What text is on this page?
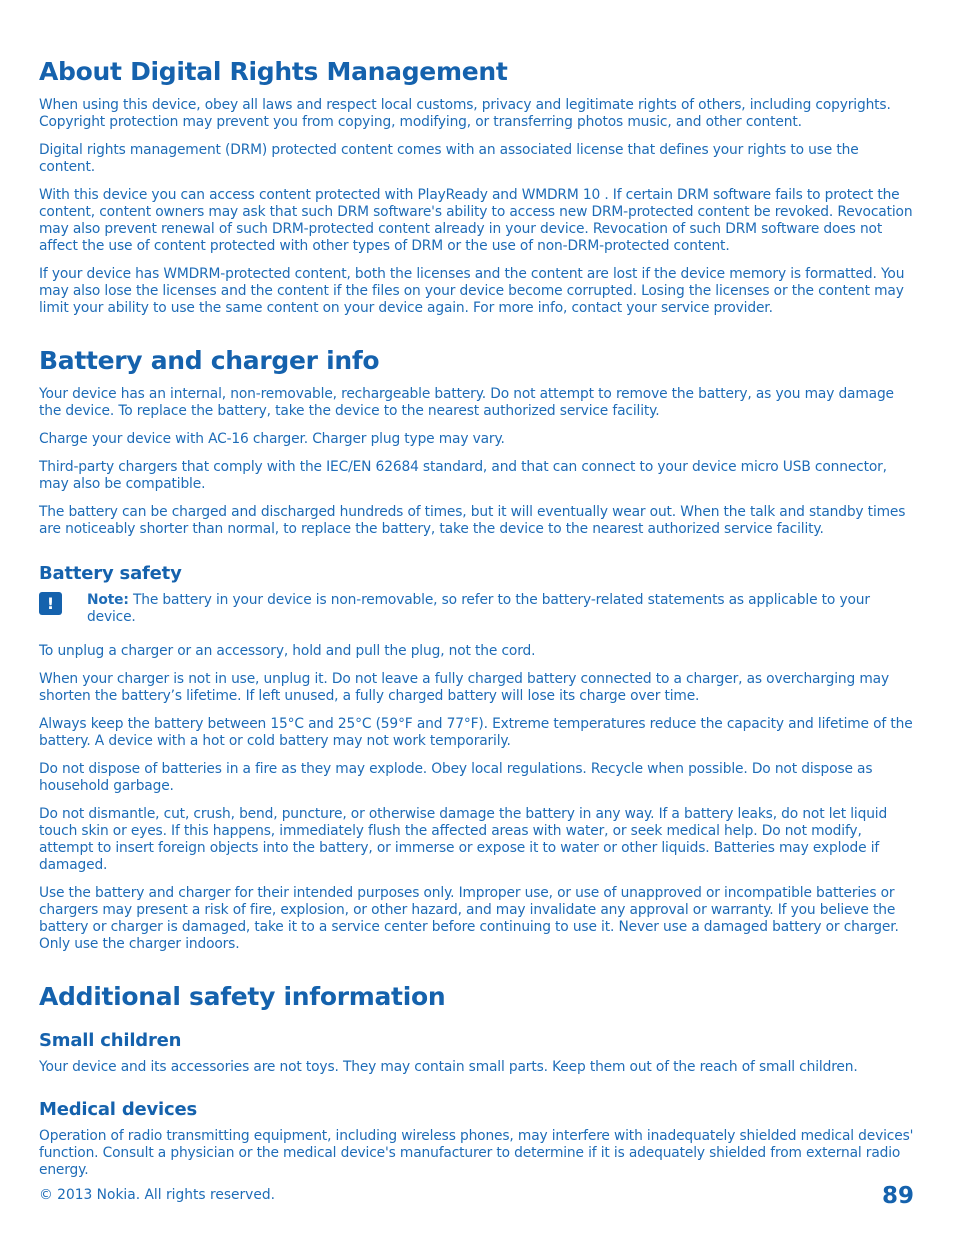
About Digital Rights Management

When using this device, obey all laws and respect local customs, privacy and legitimate rights of others, including copyrights. Copyright protection may prevent you from copying, modifying, or transferring photos music, and other content.

Digital rights management (DRM) protected content comes with an associated license that defines your rights to use the content.

With this device you can access content protected with PlayReady and WMDRM 10 . If certain DRM software fails to protect the content, content owners may ask that such DRM software's ability to access new DRM-protected content be revoked. Revocation may also prevent renewal of such DRM-protected content already in your device. Revocation of such DRM software does not affect the use of content protected with other types of DRM or the use of non-DRM-protected content.

If your device has WMDRM-protected content, both the licenses and the content are lost if the device memory is formatted. You may also lose the licenses and the content if the files on your device become corrupted. Losing the licenses or the content may limit your ability to use the same content on your device again. For more info, contact your service provider.

Battery and charger info

Your device has an internal, non-removable, rechargeable battery. Do not attempt to remove the battery, as you may damage the device. To replace the battery, take the device to the nearest authorized service facility.

Charge your device with AC-16 charger. Charger plug type may vary.

Third-party chargers that comply with the IEC/EN 62684 standard, and that can connect to your device micro USB connector, may also be compatible.

The battery can be charged and discharged hundreds of times, but it will eventually wear out. When the talk and standby times are noticeably shorter than normal, to replace the battery, take the device to the nearest authorized service facility.

Battery safety
!	Note: The battery in your device is non-removable, so refer to the battery-related statements as applicable to your device.

To unplug a charger or an accessory, hold and pull the plug, not the cord.

When your charger is not in use, unplug it. Do not leave a fully charged battery connected to a charger, as overcharging may shorten the battery’s lifetime. If left unused, a fully charged battery will lose its charge over time.

Always keep the battery between 15°C and 25°C (59°F and 77°F). Extreme temperatures reduce the capacity and lifetime of the battery. A device with a hot or cold battery may not work temporarily.

Do not dispose of batteries in a fire as they may explode. Obey local regulations. Recycle when possible. Do not dispose as household garbage.

Do not dismantle, cut, crush, bend, puncture, or otherwise damage the battery in any way. If a battery leaks, do not let liquid touch skin or eyes. If this happens, immediately flush the affected areas with water, or seek medical help. Do not modify, attempt to insert foreign objects into the battery, or immerse or expose it to water or other liquids. Batteries may explode if damaged.

Use the battery and charger for their intended purposes only. Improper use, or use of unapproved or incompatible batteries or chargers may present a risk of fire, explosion, or other hazard, and may invalidate any approval or warranty. If you believe the battery or charger is damaged, take it to a service center before continuing to use it. Never use a damaged battery or charger. Only use the charger indoors.

Additional safety information
Small children

Your device and its accessories are not toys. They may contain small parts. Keep them out of the reach of small children.

Medical devices

Operation of radio transmitting equipment, including wireless phones, may interfere with inadequately shielded medical devices' function. Consult a physician or the medical device's manufacturer to determine if it is adequately shielded from external radio energy.

© 2013 Nokia. All rights reserved.	89
